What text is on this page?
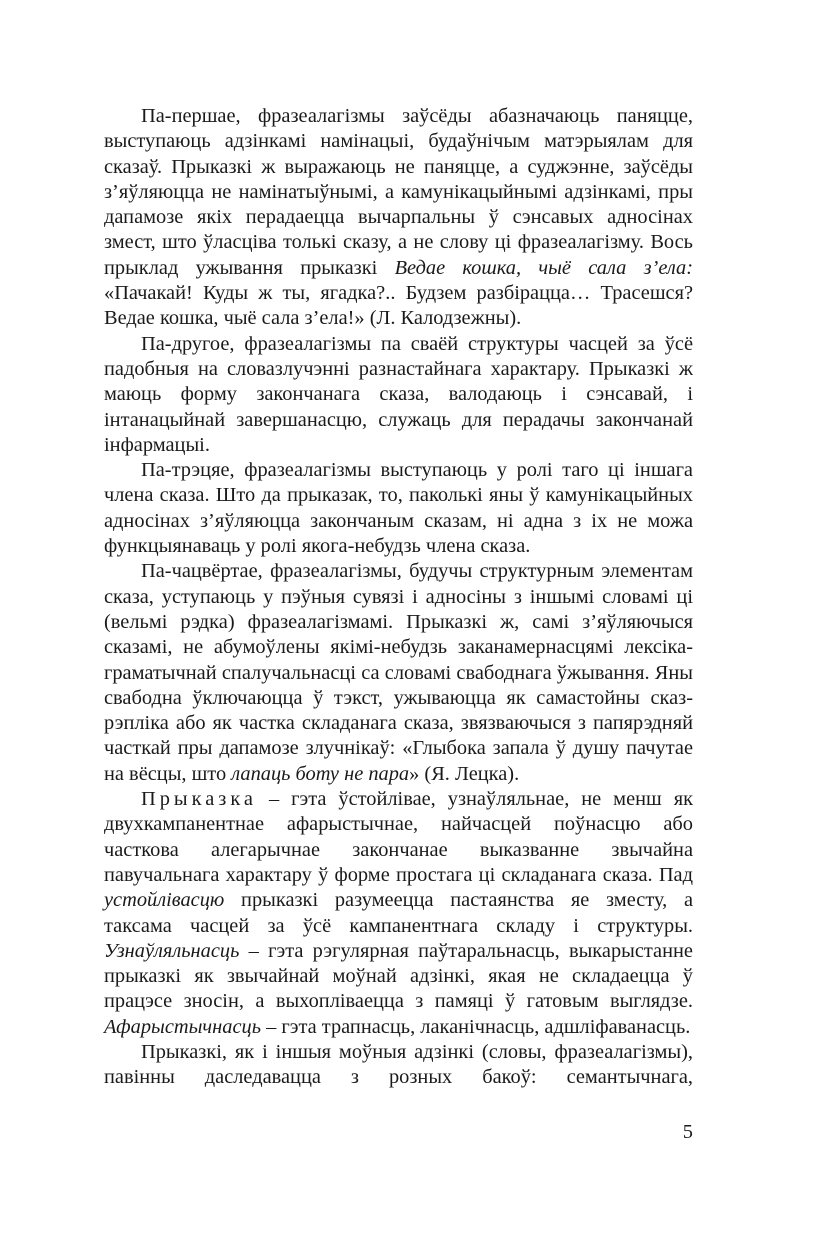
Па-першае, фразеалагізмы заўсёды абазначаюць паняцце, выступаюць адзінкамі намінацыі, будаўнічым матэрыялам для сказаў. Прыказкі ж выражаюць не паняцце, а суджэнне, заўсёды з’яўляюцца не намінатыўнымі, а камунікацыйнымі адзінкамі, пры дапамозе якіх перадаецца вычарпальны ў сэнсавых адносінах змест, што ўласціва толькі сказу, а не слову ці фразеалагізму. Вось прыклад ужывання прыказкі Ведае кошка, чыё сала з’ела: «Пачакай! Куды ж ты, ягадка?.. Будзем разбірацца… Трасешся? Ведае кошка, чыё сала з’ела!» (Л. Калодзежны).

Па-другое, фразеалагізмы па сваёй структуры часцей за ўсё падобныя на словазлучэнні разнастайнага характару. Прыказкі ж маюць форму закончанага сказа, валодаюць і сэнсавай, і інтанацыйнай завершанасцю, служаць для перадачы закончанай інфармацыі.

Па-трэцяе, фразеалагізмы выступаюць у ролі таго ці іншага члена сказа. Што да прыказак, то, паколькі яны ў камунікацыйных адносінах з’яўляюцца закончаным сказам, ні адна з іх не можа функцыянаваць у ролі якога-небудзь члена сказа.

Па-чацвёртае, фразеалагізмы, будучы структурным элементам сказа, уступаюць у пэўныя сувязі і адносіны з іншымі словамі ці (вельмі рэдка) фразеалагізмамі. Прыказкі ж, самі з’яўляючыся сказамі, не абумоўлены якімі-небудзь заканамернасцямі лексіка-граматычнай спалучальнасці са словамі свабоднага ўжывання. Яны свабодна ўключаюцца ў тэкст, ужываюцца як самастойны сказ-рэпліка або як частка складанага сказа, звязваючыся з папярэдняй часткай пры дапамозе злучнікаў: «Глыбока запала ў душу пачутае на вёсцы, што лапаць боту не пара» (Я. Лецка).

Прыказка – гэта ўстойлівае, узнаўляльнае, не менш як двухкампанентнае афарыстычнае, найчасцей поўнасцю або часткова алегарычнае закончанае выказванне звычайна павучальнага характару ў форме простага ці складанага сказа. Пад устойлівасцю прыказкі разумеецца пастаянства яе зместу, а таксама часцей за ўсё кампанентнага складу і структуры. Узнаўляльнасць – гэта рэгулярная паўтаральнасць, выкарыстанне прыказкі як звычайнай моўнай адзінкі, якая не складаецца ў працэсе зносін, а выхопліваецца з памяці ў гатовым выглядзе. Афарыстычнасць – гэта трапнасць, лаканічнасць, адшліфаванасць.

Прыказкі, як і іншыя моўныя адзінкі (словы, фразеалагізмы), павінны даследавацца з розных бакоў: семантычнага,

5
